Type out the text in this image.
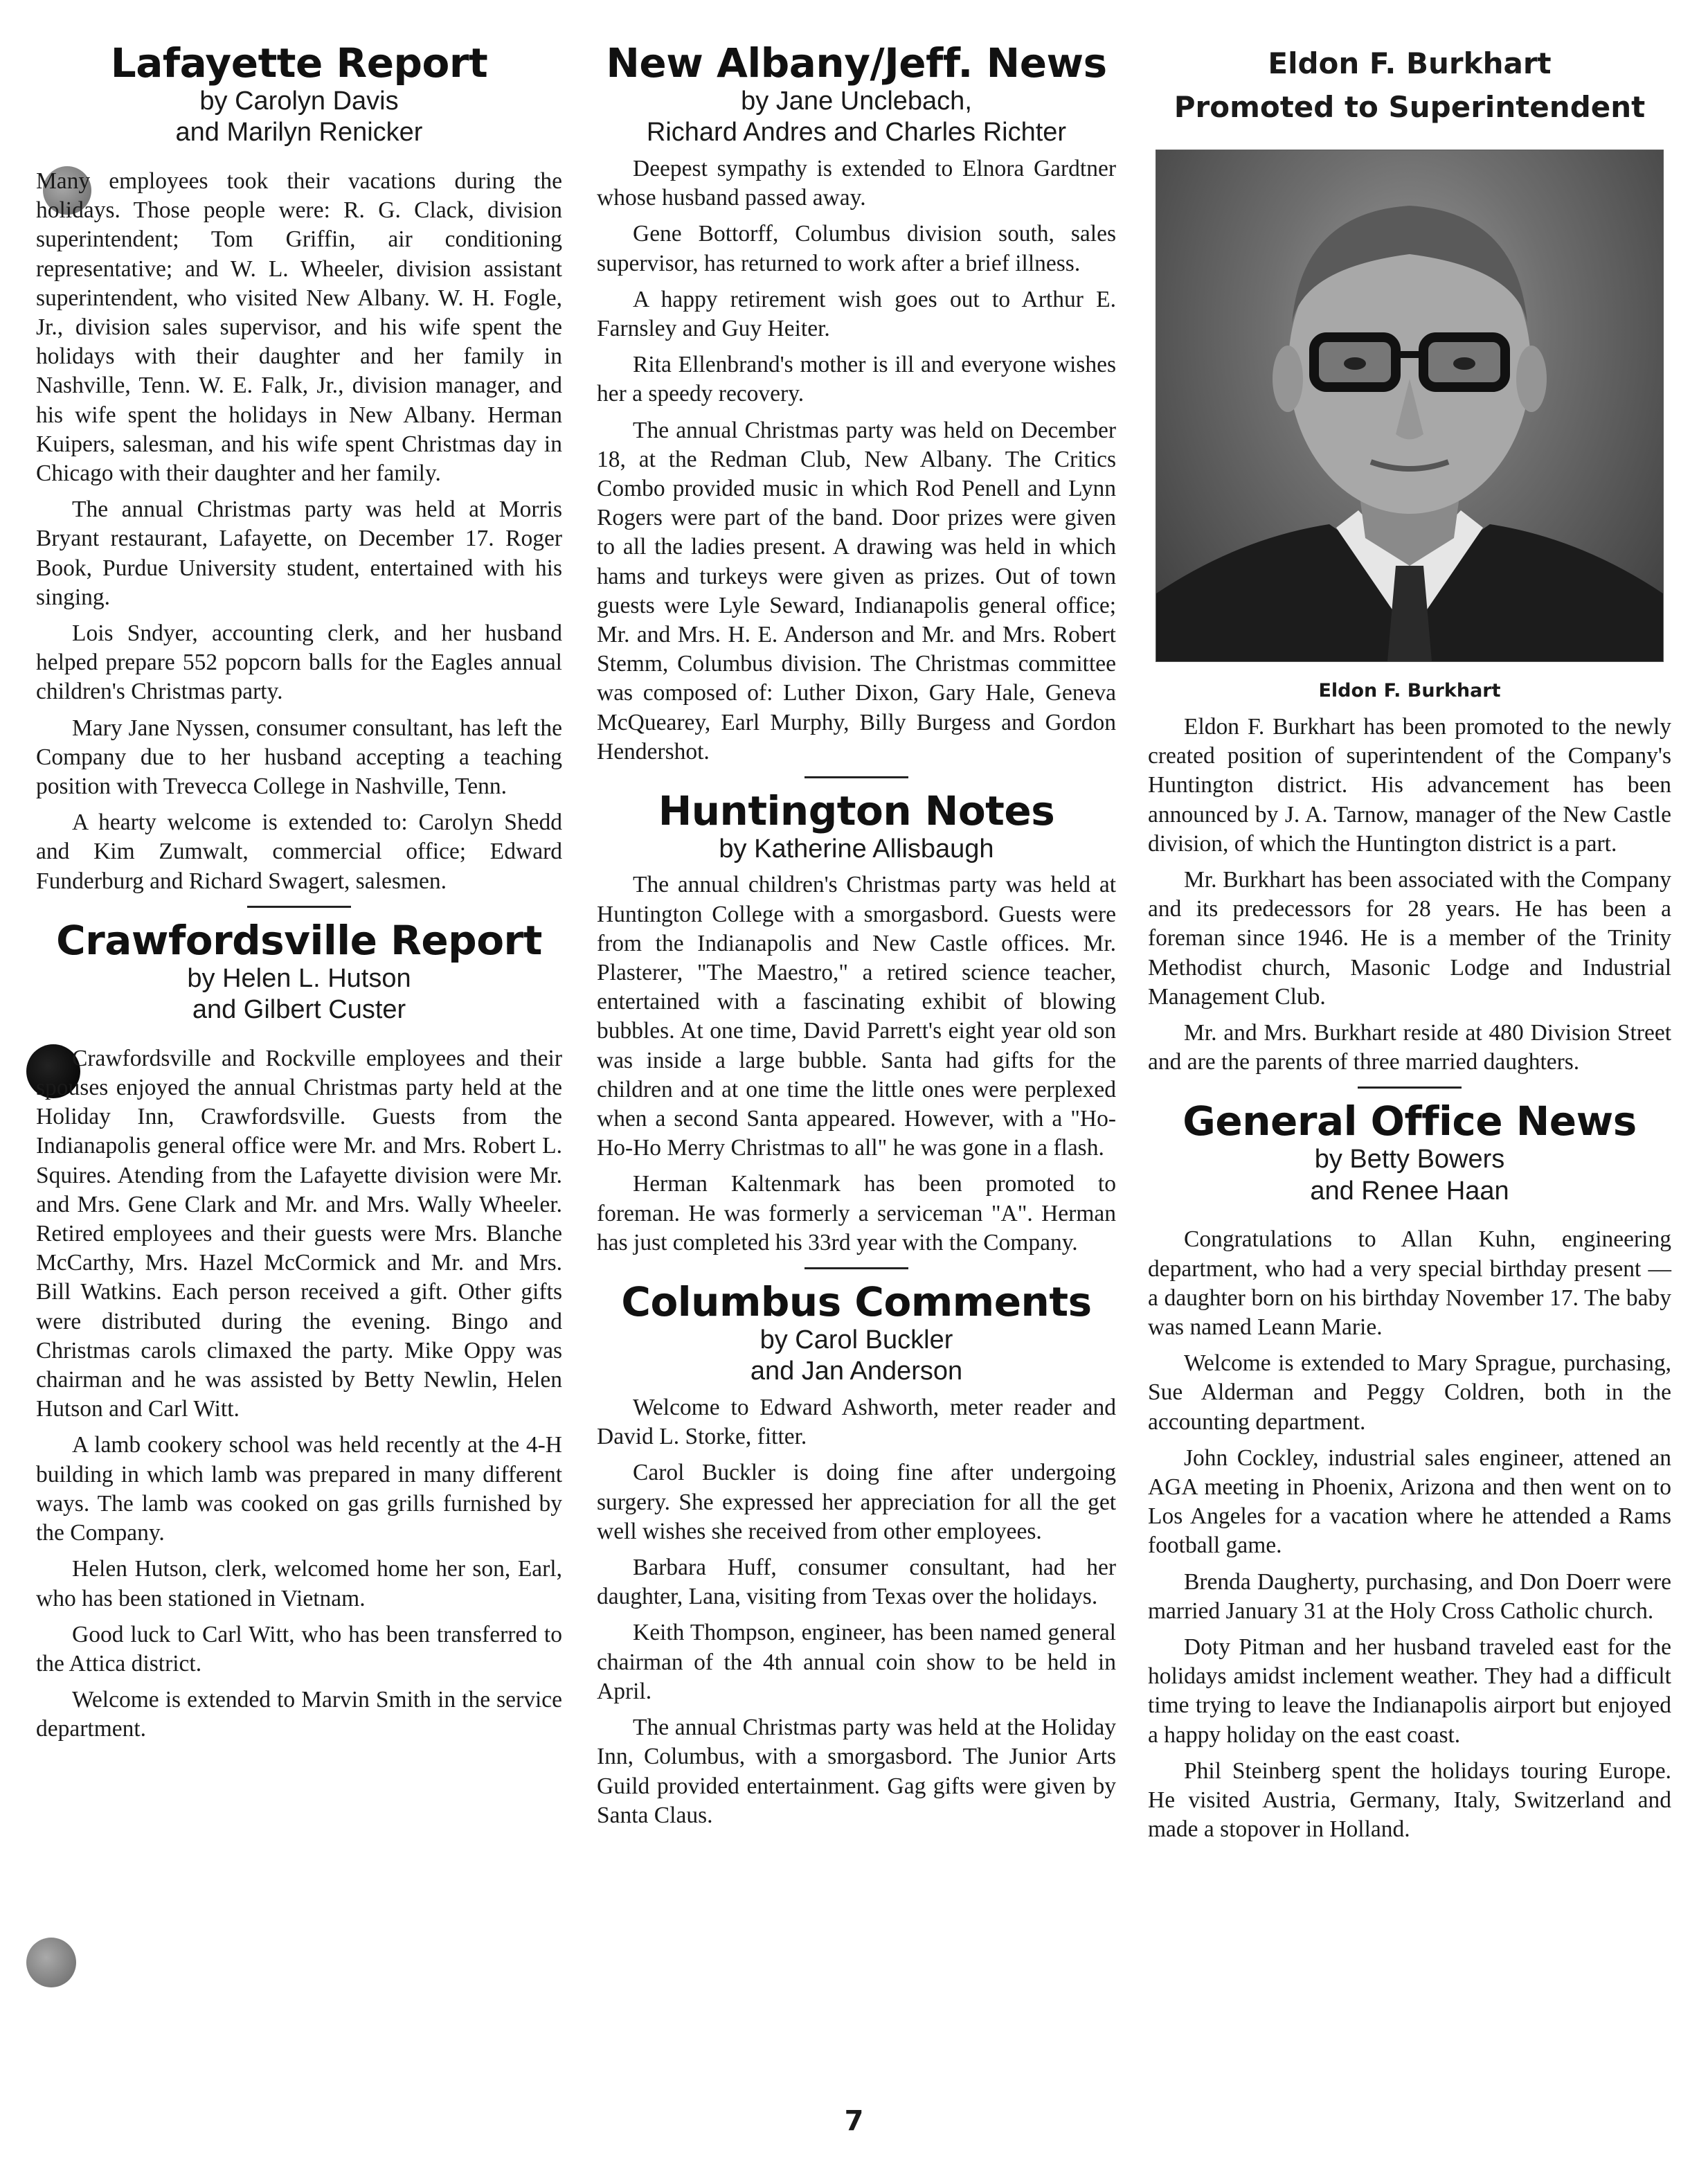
Lafayette Report
by Carolyn Davis
and Marilyn Renicker

Many employees took their vacations during the holidays. Those people were: R. G. Clack, division superintendent; Tom Griffin, air conditioning representative; and W. L. Wheeler, division assistant superintendent, who visited New Albany. W. H. Fogle, Jr., division sales supervisor, and his wife spent the holidays with their daughter and her family in Nashville, Tenn. W. E. Falk, Jr., division manager, and his wife spent the holidays in New Albany. Herman Kuipers, salesman, and his wife spent Christmas day in Chicago with their daughter and her family.

The annual Christmas party was held at Morris Bryant restaurant, Lafayette, on December 17. Roger Book, Purdue University student, entertained with his singing.

Lois Sndyer, accounting clerk, and her husband helped prepare 552 popcorn balls for the Eagles annual children's Christmas party.

Mary Jane Nyssen, consumer consultant, has left the Company due to her husband accepting a teaching position with Trevecca College in Nashville, Tenn.

A hearty welcome is extended to: Carolyn Shedd and Kim Zumwalt, commercial office; Edward Funderburg and Richard Swagert, salesmen.

Crawfordsville Report
by Helen L. Hutson
and Gilbert Custer

Crawfordsville and Rockville employees and their spouses enjoyed the annual Christmas party held at the Holiday Inn, Crawfordsville. Guests from the Indianapolis general office were Mr. and Mrs. Robert L. Squires. Atending from the Lafayette division were Mr. and Mrs. Gene Clark and Mr. and Mrs. Wally Wheeler. Retired employees and their guests were Mrs. Blanche McCarthy, Mrs. Hazel McCormick and Mr. and Mrs. Bill Watkins. Each person received a gift. Other gifts were distributed during the evening. Bingo and Christmas carols climaxed the party. Mike Oppy was chairman and he was assisted by Betty Newlin, Helen Hutson and Carl Witt.

A lamb cookery school was held recently at the 4-H building in which lamb was prepared in many different ways. The lamb was cooked on gas grills furnished by the Company.

Helen Hutson, clerk, welcomed home her son, Earl, who has been stationed in Vietnam.

Good luck to Carl Witt, who has been transferred to the Attica district.

Welcome is extended to Marvin Smith in the service department.

New Albany/Jeff. News
by Jane Unclebach,
Richard Andres and Charles Richter

Deepest sympathy is extended to Elnora Gardtner whose husband passed away.

Gene Bottorff, Columbus division south, sales supervisor, has returned to work after a brief illness.

A happy retirement wish goes out to Arthur E. Farnsley and Guy Heiter.

Rita Ellenbrand's mother is ill and everyone wishes her a speedy recovery.

The annual Christmas party was held on December 18, at the Redman Club, New Albany. The Critics Combo provided music in which Rod Penell and Lynn Rogers were part of the band. Door prizes were given to all the ladies present. A drawing was held in which hams and turkeys were given as prizes. Out of town guests were Lyle Seward, Indianapolis general office; Mr. and Mrs. H. E. Anderson and Mr. and Mrs. Robert Stemm, Columbus division. The Christmas committee was composed of: Luther Dixon, Gary Hale, Geneva McQuearey, Earl Murphy, Billy Burgess and Gordon Hendershot.

Huntington Notes
by Katherine Allisbaugh

The annual children's Christmas party was held at Huntington College with a smorgasbord. Guests were from the Indianapolis and New Castle offices. Mr. Plasterer, "The Maestro," a retired science teacher, entertained with a fascinating exhibit of blowing bubbles. At one time, David Parrett's eight year old son was inside a large bubble. Santa had gifts for the children and at one time the little ones were perplexed when a second Santa appeared. However, with a "Ho-Ho-Ho Merry Christmas to all" he was gone in a flash.

Herman Kaltenmark has been promoted to foreman. He was formerly a serviceman "A". Herman has just completed his 33rd year with the Company.

Columbus Comments
by Carol Buckler
and Jan Anderson

Welcome to Edward Ashworth, meter reader and David L. Storke, fitter.

Carol Buckler is doing fine after undergoing surgery. She expressed her appreciation for all the get well wishes she received from other employees.

Barbara Huff, consumer consultant, had her daughter, Lana, visiting from Texas over the holidays.

Keith Thompson, engineer, has been named general chairman of the 4th annual coin show to be held in April.

The annual Christmas party was held at the Holiday Inn, Columbus, with a smorgasbord. The Junior Arts Guild provided entertainment. Gag gifts were given by Santa Claus.

Eldon F. Burkhart
Promoted to Superintendent
Eldon F. Burkhart

Eldon F. Burkhart has been promoted to the newly created position of superintendent of the Company's Huntington district. His advancement has been announced by J. A. Tarnow, manager of the New Castle division, of which the Huntington district is a part.

Mr. Burkhart has been associated with the Company and its predecessors for 28 years. He has been a foreman since 1946. He is a member of the Trinity Methodist church, Masonic Lodge and Industrial Management Club.

Mr. and Mrs. Burkhart reside at 480 Division Street and are the parents of three married daughters.

General Office News
by Betty Bowers
and Renee Haan

Congratulations to Allan Kuhn, engineering department, who had a very special birthday present — a daughter born on his birthday November 17. The baby was named Leann Marie.

Welcome is extended to Mary Sprague, purchasing, Sue Alderman and Peggy Coldren, both in the accounting department.

John Cockley, industrial sales engineer, attened an AGA meeting in Phoenix, Arizona and then went on to Los Angeles for a vacation where he attended a Rams football game.

Brenda Daugherty, purchasing, and Don Doerr were married January 31 at the Holy Cross Catholic church.

Doty Pitman and her husband traveled east for the holidays amidst inclement weather. They had a difficult time trying to leave the Indianapolis airport but enjoyed a happy holiday on the east coast.

Phil Steinberg spent the holidays touring Europe. He visited Austria, Germany, Italy, Switzerland and made a stopover in Holland.

7
